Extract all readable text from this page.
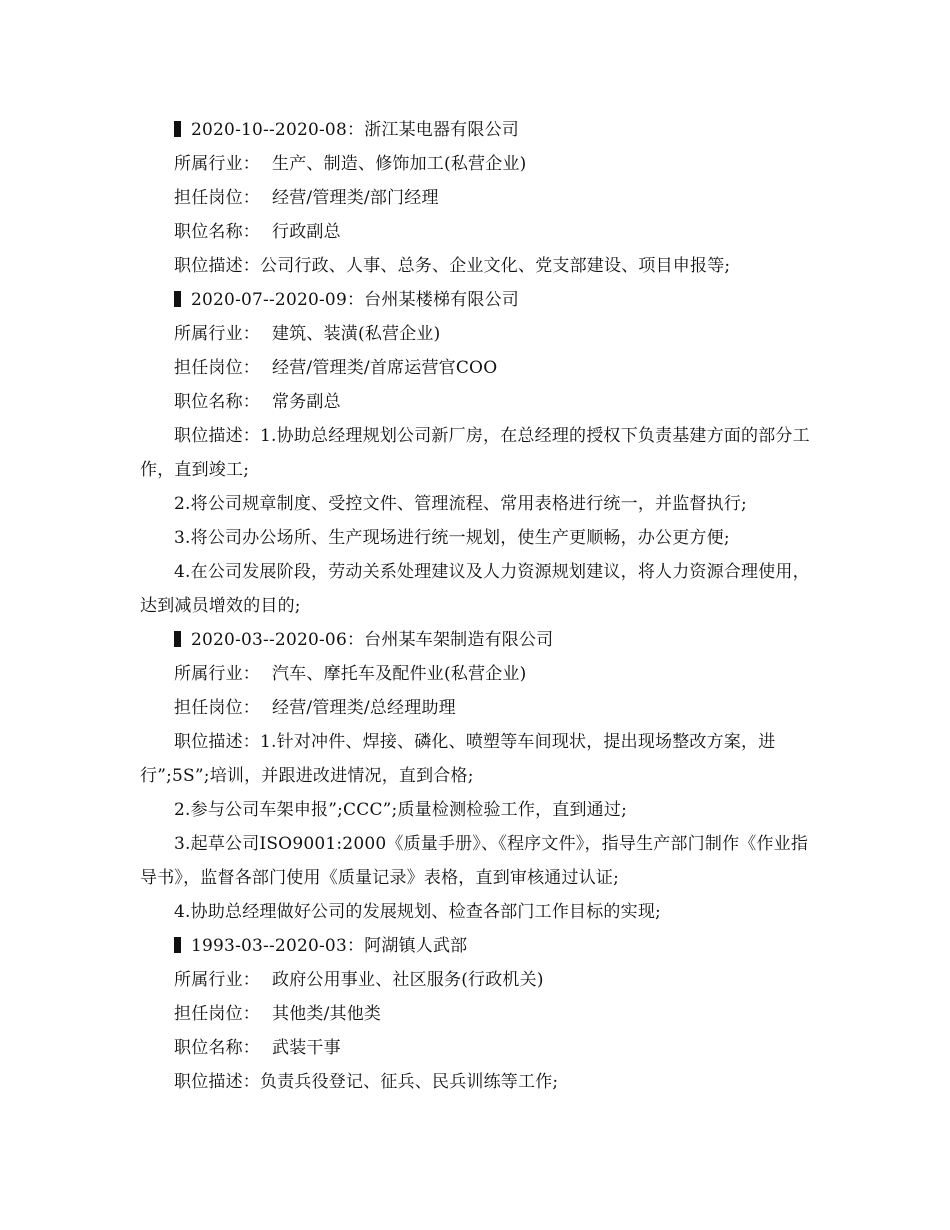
2020-10--2020-08：浙江某电器有限公司
所属行业： 生产、制造、修饰加工(私营企业)
担任岗位： 经营/管理类/部门经理
职位名称： 行政副总
职位描述：公司行政、人事、总务、企业文化、党支部建设、项目申报等;
2020-07--2020-09：台州某楼梯有限公司
所属行业： 建筑、装潢(私营企业)
担任岗位： 经营/管理类/首席运营官COO
职位名称： 常务副总
职位描述：1.协助总经理规划公司新厂房，在总经理的授权下负责基建方面的部分工作，直到竣工;
2.将公司规章制度、受控文件、管理流程、常用表格进行统一，并监督执行;
3.将公司办公场所、生产现场进行统一规划，使生产更顺畅，办公更方便;
4.在公司发展阶段，劳动关系处理建议及人力资源规划建议，将人力资源合理使用，达到减员增效的目的;
2020-03--2020-06：台州某车架制造有限公司
所属行业： 汽车、摩托车及配件业(私营企业)
担任岗位： 经营/管理类/总经理助理
职位描述：1.针对冲件、焊接、磷化、喷塑等车间现状，提出现场整改方案，进行”;5S”;培训，并跟进改进情况，直到合格;
2.参与公司车架申报”;CCC”;质量检测检验工作，直到通过;
3.起草公司ISO9001:2000《质量手册》、《程序文件》，指导生产部门制作《作业指导书》，监督各部门使用《质量记录》表格，直到审核通过认证;
4.协助总经理做好公司的发展规划、检查各部门工作目标的实现;
1993-03--2020-03：阿湖镇人武部
所属行业： 政府公用事业、社区服务(行政机关)
担任岗位： 其他类/其他类
职位名称： 武装干事
职位描述：负责兵役登记、征兵、民兵训练等工作;
